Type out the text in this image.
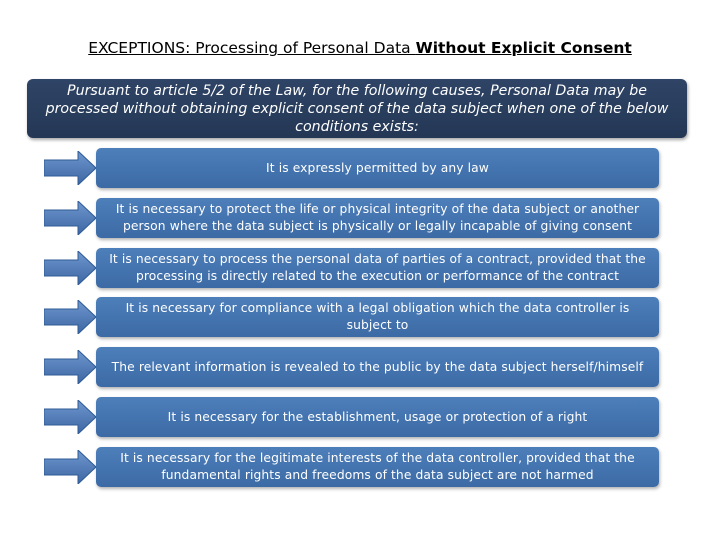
EXCEPTIONS: Processing of Personal Data Without Explicit Consent
Pursuant to article 5/2 of the Law, for the following causes, Personal Data may be processed without obtaining explicit consent of the data subject when one of the below conditions exists:
It is expressly permitted by any law
It is necessary to protect the life or physical integrity of the data subject or another person where the data subject is physically or legally incapable of giving consent
It is necessary to process the personal data of parties of a contract, provided that the processing is directly related to the execution or performance of the contract
It is necessary for compliance with a legal obligation which the data controller is subject to
The relevant information is revealed to the public by the data subject herself/himself
It is necessary for the establishment, usage or protection of a right
It is necessary for the legitimate interests of the data controller, provided that the fundamental rights and freedoms of the data subject are not harmed
